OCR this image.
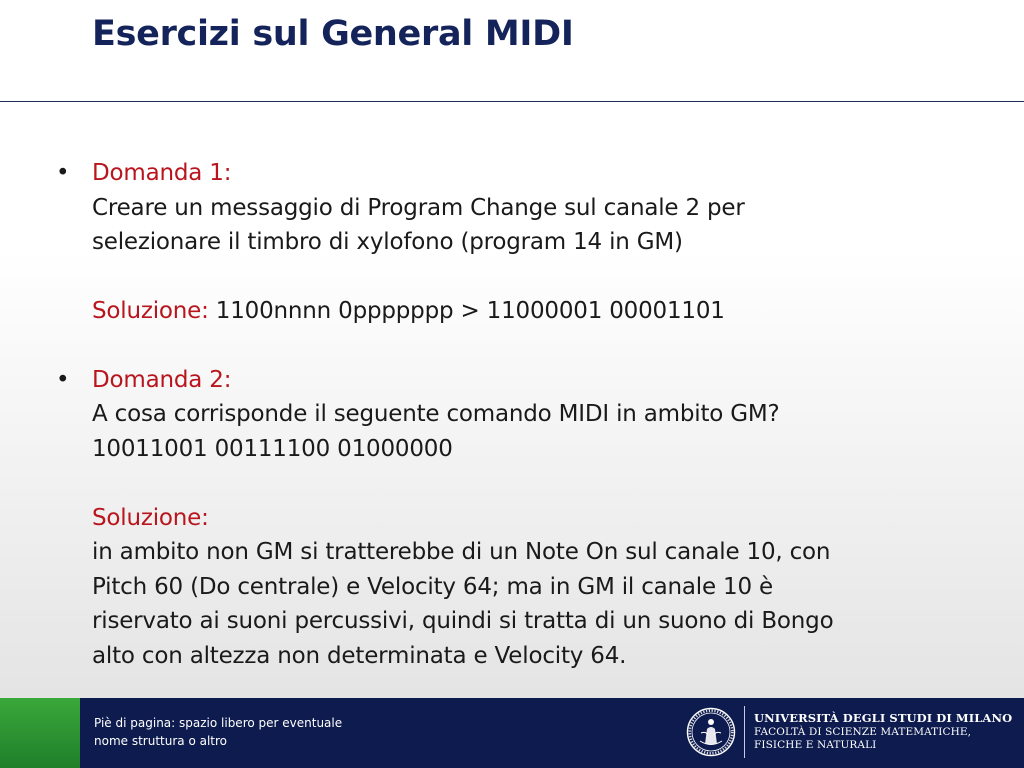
Esercizi sul General MIDI
• Domanda 1:
Creare un messaggio di Program Change sul canale 2 per
selezionare il timbro di xylofono (program 14 in GM)
Soluzione: 1100nnnn 0ppppppp > 11000001 00001101
• Domanda 2:
A cosa corrisponde il seguente comando MIDI in ambito GM?
10011001 00111100 01000000
Soluzione:
in ambito non GM si tratterebbe di un Note On sul canale 10, con
Pitch 60 (Do centrale) e Velocity 64; ma in GM il canale 10 è
riservato ai suoni percussivi, quindi si tratta di un suono di Bongo
alto con altezza non determinata e Velocity 64.
Piè di pagina: spazio libero per eventuale
nome struttura o altro
UNIVERSITÀ DEGLI STUDI DI MILANO
FACOLTÀ DI SCIENZE MATEMATICHE,
FISICHE E NATURALI
